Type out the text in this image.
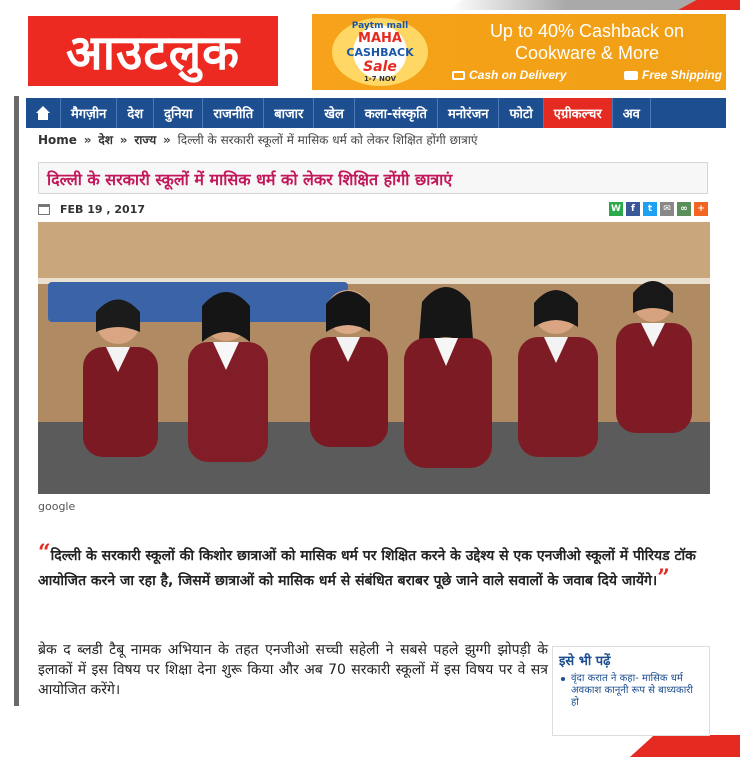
आउटलुक	Paytm mall
MAHA
CASHBACK
Sale
1-7 NOV
Up to 40% Cashback on
Cookware & More
Cash on Delivery	Free Shipping
मैगज़ीन	देश	दुनिया	राजनीति	बाजार	खेल	कला-संस्कृति	मनोरंजन	फोटो	एग्रीकल्चर	अव
Home » देश » राज्य » दिल्ली के सरकारी स्कूलों में मासिक धर्म को लेकर शिक्षित होंगी छात्राएं
दिल्ली के सरकारी स्कूलों में मासिक धर्म को लेकर शिक्षित होंगी छात्राएं
FEB 19 , 2017	W	f	t	✉	∞	+
google

“दिल्ली के सरकारी स्कूलों की किशोर छात्राओं को मासिक धर्म पर शिक्षित करने के उद्देश्य से एक एनजीओ स्कूलों में पीरियड टॉक आयोजित करने जा रहा है, जिसमें छात्राओं को मासिक धर्म से संबंधित बराबर पूछे जाने वाले सवालों के जवाब दिये जायेंगे।”

ब्रेक द ब्लडी टैबू नामक अभियान के तहत एनजीओ सच्ची सहेली ने सबसे पहले झुग्गी झोपड़ी के इलाकों में इस विषय पर शिक्षा देना शुरू किया और अब 70 सरकारी स्कूलों में इस विषय पर वे सत्र आयोजित करेंगे।

इसे भी पढ़ें
वृंदा करात ने कहा- मासिक धर्म अवकाश कानूनी रूप से बाध्यकारी हो
